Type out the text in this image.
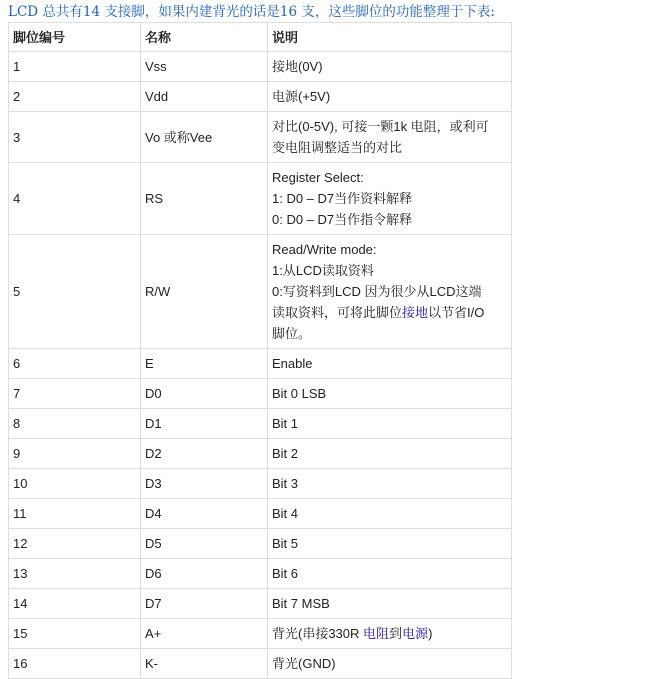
LCD 总共有14 支接脚，如果内建背光的话是16 支，这些脚位的功能整理于下表:

脚位编号	名称	说明
1	Vss	接地(0V)
2	Vdd	电源(+5V)
3	Vo 或称Vee	对比(0-5V), 可接一颗1k 电阻，或利可
变电阻调整适当的对比

4	RS	Register Select:
1: D0 – D7当作资料解释
0: D0 – D7当作指令解释

5	R/W	Read/Write mode:
1:从LCD读取资料
0:写资料到LCD 因为很少从LCD这端
读取资料，可将此脚位接地以节省I/O
脚位。

6	E	Enable
7	D0	Bit 0 LSB
8	D1	Bit 1
9	D2	Bit 2
10	D3	Bit 3
11	D4	Bit 4
12	D5	Bit 5
13	D6	Bit 6
14	D7	Bit 7 MSB
15	A+	背光(串接330R 电阻到电源)
16	K-	背光(GND)
